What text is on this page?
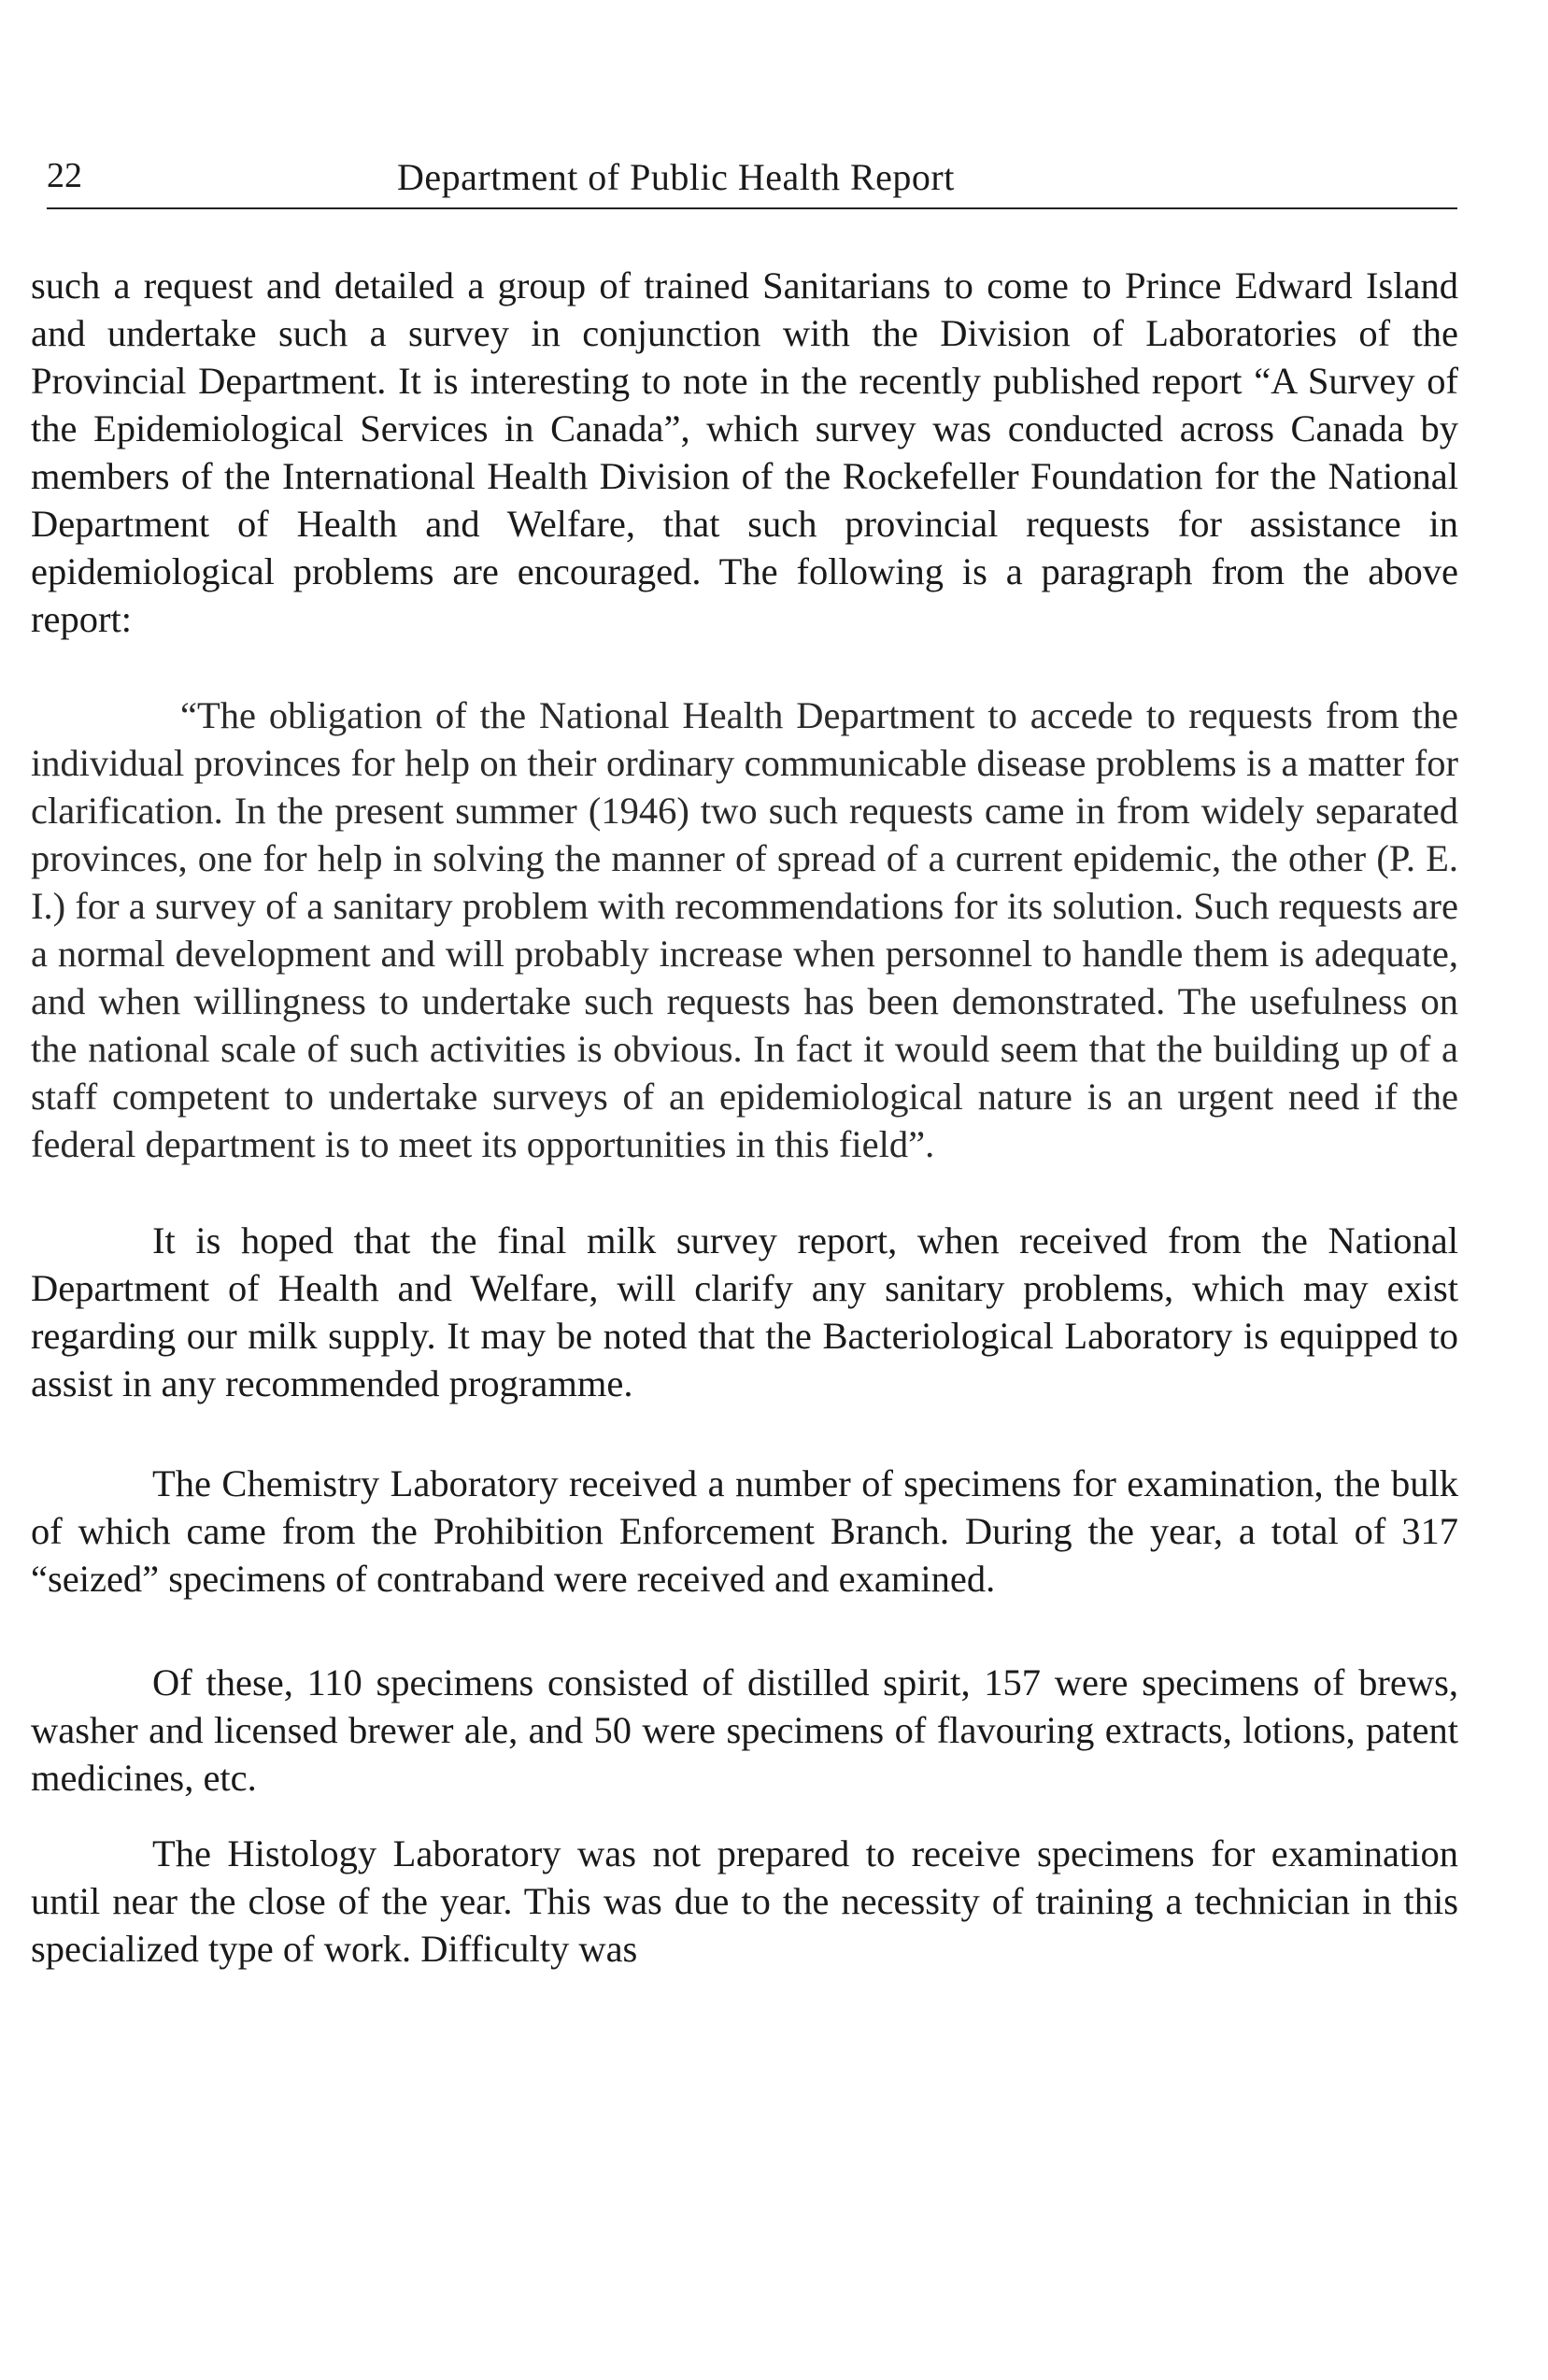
22	Department of Public Health Report

such a request and detailed a group of trained Sanitarians to come to Prince Edward Island and undertake such a survey in conjunction with the Division of Laboratories of the Provincial Department. It is interesting to note in the recently published report “A Survey of the Epidemiological Services in Canada”, which survey was conducted across Canada by members of the International Health Division of the Rockefeller Foundation for the National Department of Health and Welfare, that such provincial requests for assistance in epidemiological problems are encouraged. The following is a paragraph from the above report:

“The obligation of the National Health Department to accede to requests from the individual provinces for help on their ordinary communicable disease problems is a matter for clarification. In the present summer (1946) two such requests came in from widely separated provinces, one for help in solving the manner of spread of a current epidemic, the other (P. E. I.) for a survey of a sanitary problem with recommendations for its solution. Such requests are a normal development and will probably increase when personnel to handle them is adequate, and when willingness to undertake such requests has been demonstrated. The usefulness on the national scale of such activities is obvious. In fact it would seem that the building up of a staff competent to undertake surveys of an epidemiological nature is an urgent need if the federal department is to meet its opportunities in this field”.

It is hoped that the final milk survey report, when received from the National Department of Health and Welfare, will clarify any sanitary problems, which may exist regarding our milk supply. It may be noted that the Bacteriological Laboratory is equipped to assist in any recommended programme.

The Chemistry Laboratory received a number of specimens for examination, the bulk of which came from the Prohibition Enforcement Branch. During the year, a total of 317 “seized” specimens of contraband were received and examined.

Of these, 110 specimens consisted of distilled spirit, 157 were specimens of brews, washer and licensed brewer ale, and 50 were specimens of flavouring extracts, lotions, patent medicines, etc.

The Histology Laboratory was not prepared to receive specimens for examination until near the close of the year. This was due to the necessity of training a technician in this specialized type of work. Difficulty was
